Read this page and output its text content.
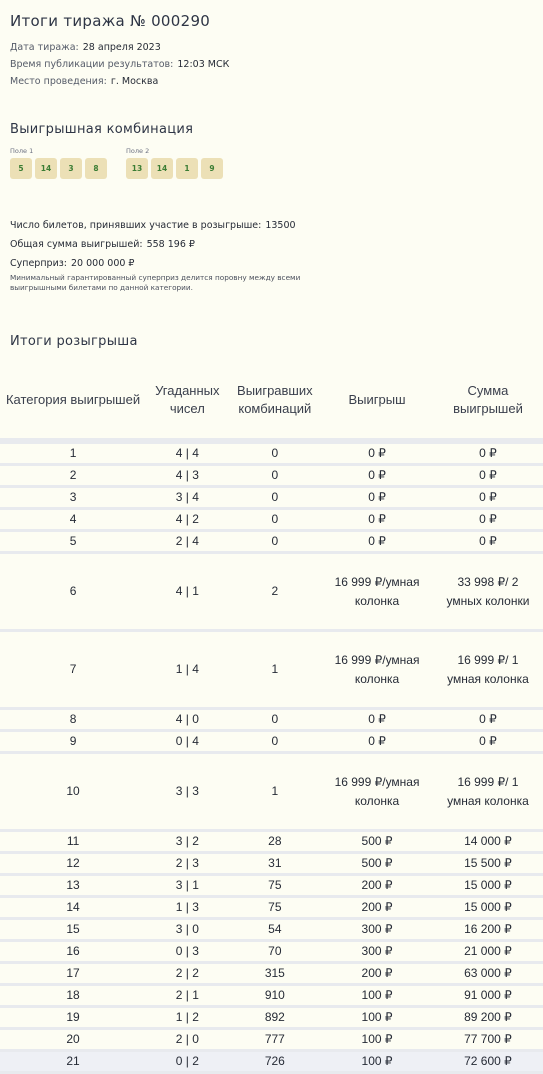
Итоги тиража № 000290
Дата тиража: 28 апреля 2023
Время публикации результатов: 12:03 МСК
Место проведения: г. Москва
Выигрышная комбинация
Поле 1
5	14	3	8
Поле 2
13	14	1	9
Число билетов, принявших участие в розыгрыше: 13500
Общая сумма выигрышей: 558 196 ₽
Суперприз: 20 000 000 ₽
Минимальный гарантированный суперприз делится поровну между всеми выигрышными билетами по данной категории.
Итоги розыгрыша
Категория выигрышей	Угаданных чисел	Выигравших комбинаций	Выигрыш	Сумма выигрышей
1	4 | 4	0	0 ₽	0 ₽
2	4 | 3	0	0 ₽	0 ₽
3	3 | 4	0	0 ₽	0 ₽
4	4 | 2	0	0 ₽	0 ₽
5	2 | 4	0	0 ₽	0 ₽
6	4 | 1	2	16 999 ₽/умная колонка	33 998 ₽/ 2 умных колонки
7	1 | 4	1	16 999 ₽/умная колонка	16 999 ₽/ 1 умная колонка
8	4 | 0	0	0 ₽	0 ₽
9	0 | 4	0	0 ₽	0 ₽
10	3 | 3	1	16 999 ₽/умная колонка	16 999 ₽/ 1 умная колонка
11	3 | 2	28	500 ₽	14 000 ₽
12	2 | 3	31	500 ₽	15 500 ₽
13	3 | 1	75	200 ₽	15 000 ₽
14	1 | 3	75	200 ₽	15 000 ₽
15	3 | 0	54	300 ₽	16 200 ₽
16	0 | 3	70	300 ₽	21 000 ₽
17	2 | 2	315	200 ₽	63 000 ₽
18	2 | 1	910	100 ₽	91 000 ₽
19	1 | 2	892	100 ₽	89 200 ₽
20	2 | 0	777	100 ₽	77 700 ₽
21	0 | 2	726	100 ₽	72 600 ₽
